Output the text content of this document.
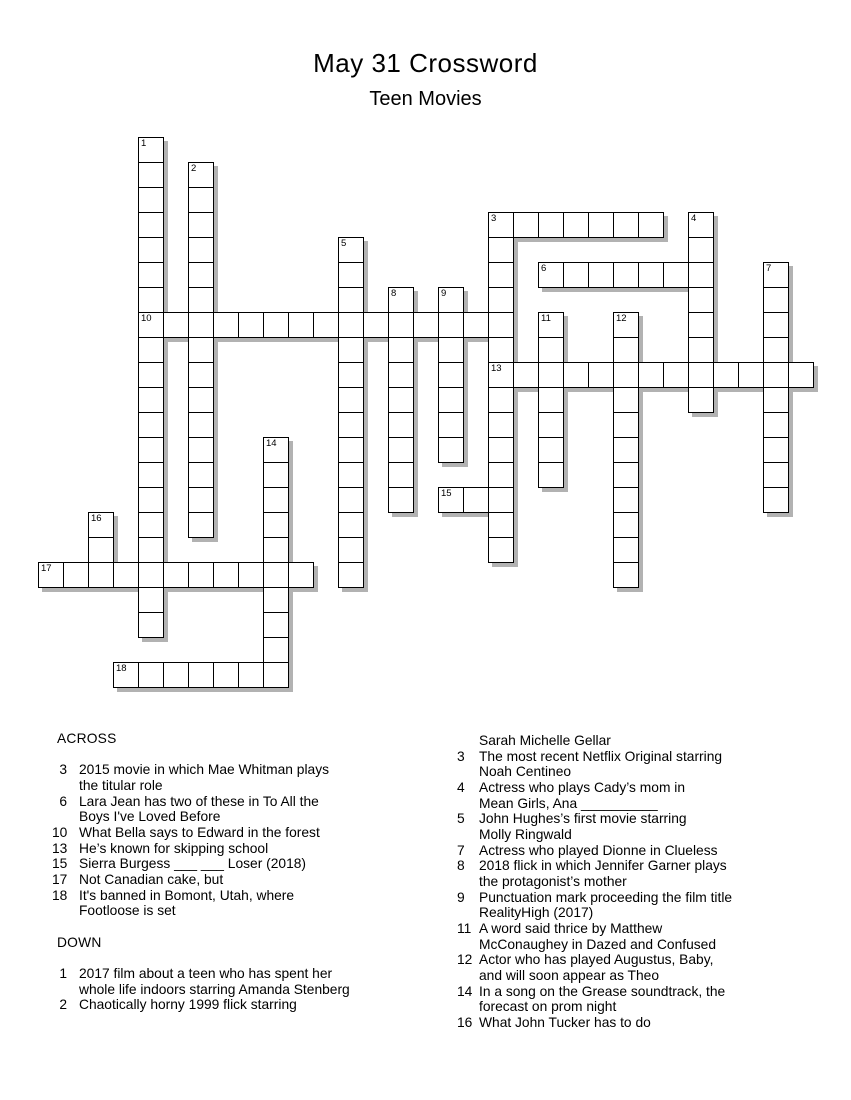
May 31 Crossword
Teen Movies
1
2
3	4
5
6	7
8	9
10	11	12
13
14
15
16
17
18
ACROSS
3 2015 movie in which Mae Whitman plays
the titular role
6 Lara Jean has two of these in To All the
Boys I've Loved Before
10 What Bella says to Edward in the forest
13 He’s known for skipping school
15 Sierra Burgess ___ ___ Loser (2018)
17 Not Canadian cake, but
18 It's banned in Bomont, Utah, where
Footloose is set
DOWN
1 2017 film about a teen who has spent her
whole life indoors starring Amanda Stenberg
2 Chaotically horny 1999 flick starring
Sarah Michelle Gellar
3 The most recent Netflix Original starring
Noah Centineo
4 Actress who plays Cady’s mom in
Mean Girls, Ana __________
5 John Hughes’s first movie starring
Molly Ringwald
7 Actress who played Dionne in Clueless
8 2018 flick in which Jennifer Garner plays
the protagonist’s mother
9 Punctuation mark proceeding the film title
RealityHigh (2017)
11 A word said thrice by Matthew
McConaughey in Dazed and Confused
12 Actor who has played Augustus, Baby,
and will soon appear as Theo
14 In a song on the Grease soundtrack, the
forecast on prom night
16 What John Tucker has to do
